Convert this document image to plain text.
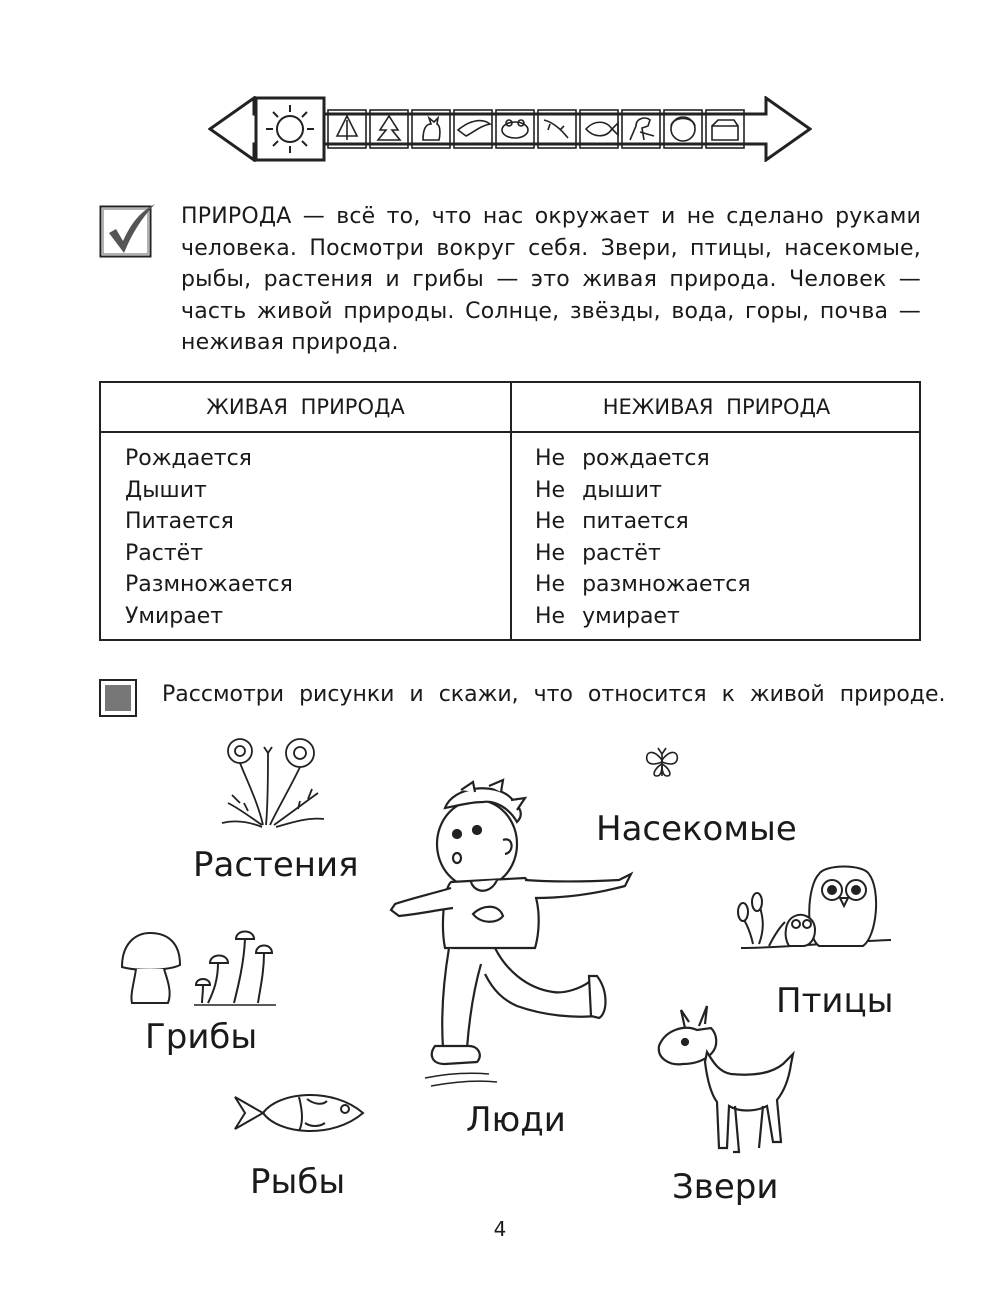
ПРИРОДА — всё то, что нас окружает и не сделано руками
человека. Посмотри вокруг себя. Звери, птицы, насекомые,
рыбы, растения и грибы — это живая природа. Человек —
часть живой природы. Солнце, звёзды, вода, горы, почва —
неживая природа.
ЖИВАЯ ПРИРОДА	НЕЖИВАЯ ПРИРОДА
Рождается
Дышит
Питается
Растёт
Размножается
Умирает
Не рождается
Не дышит
Не питается
Не растёт
Не размножается
Не умирает
Рассмотри рисунки и скажи, что относится к живой природе.
Растения
Насекомые
Грибы
Птицы
Рыбы
Люди
Звери
4
